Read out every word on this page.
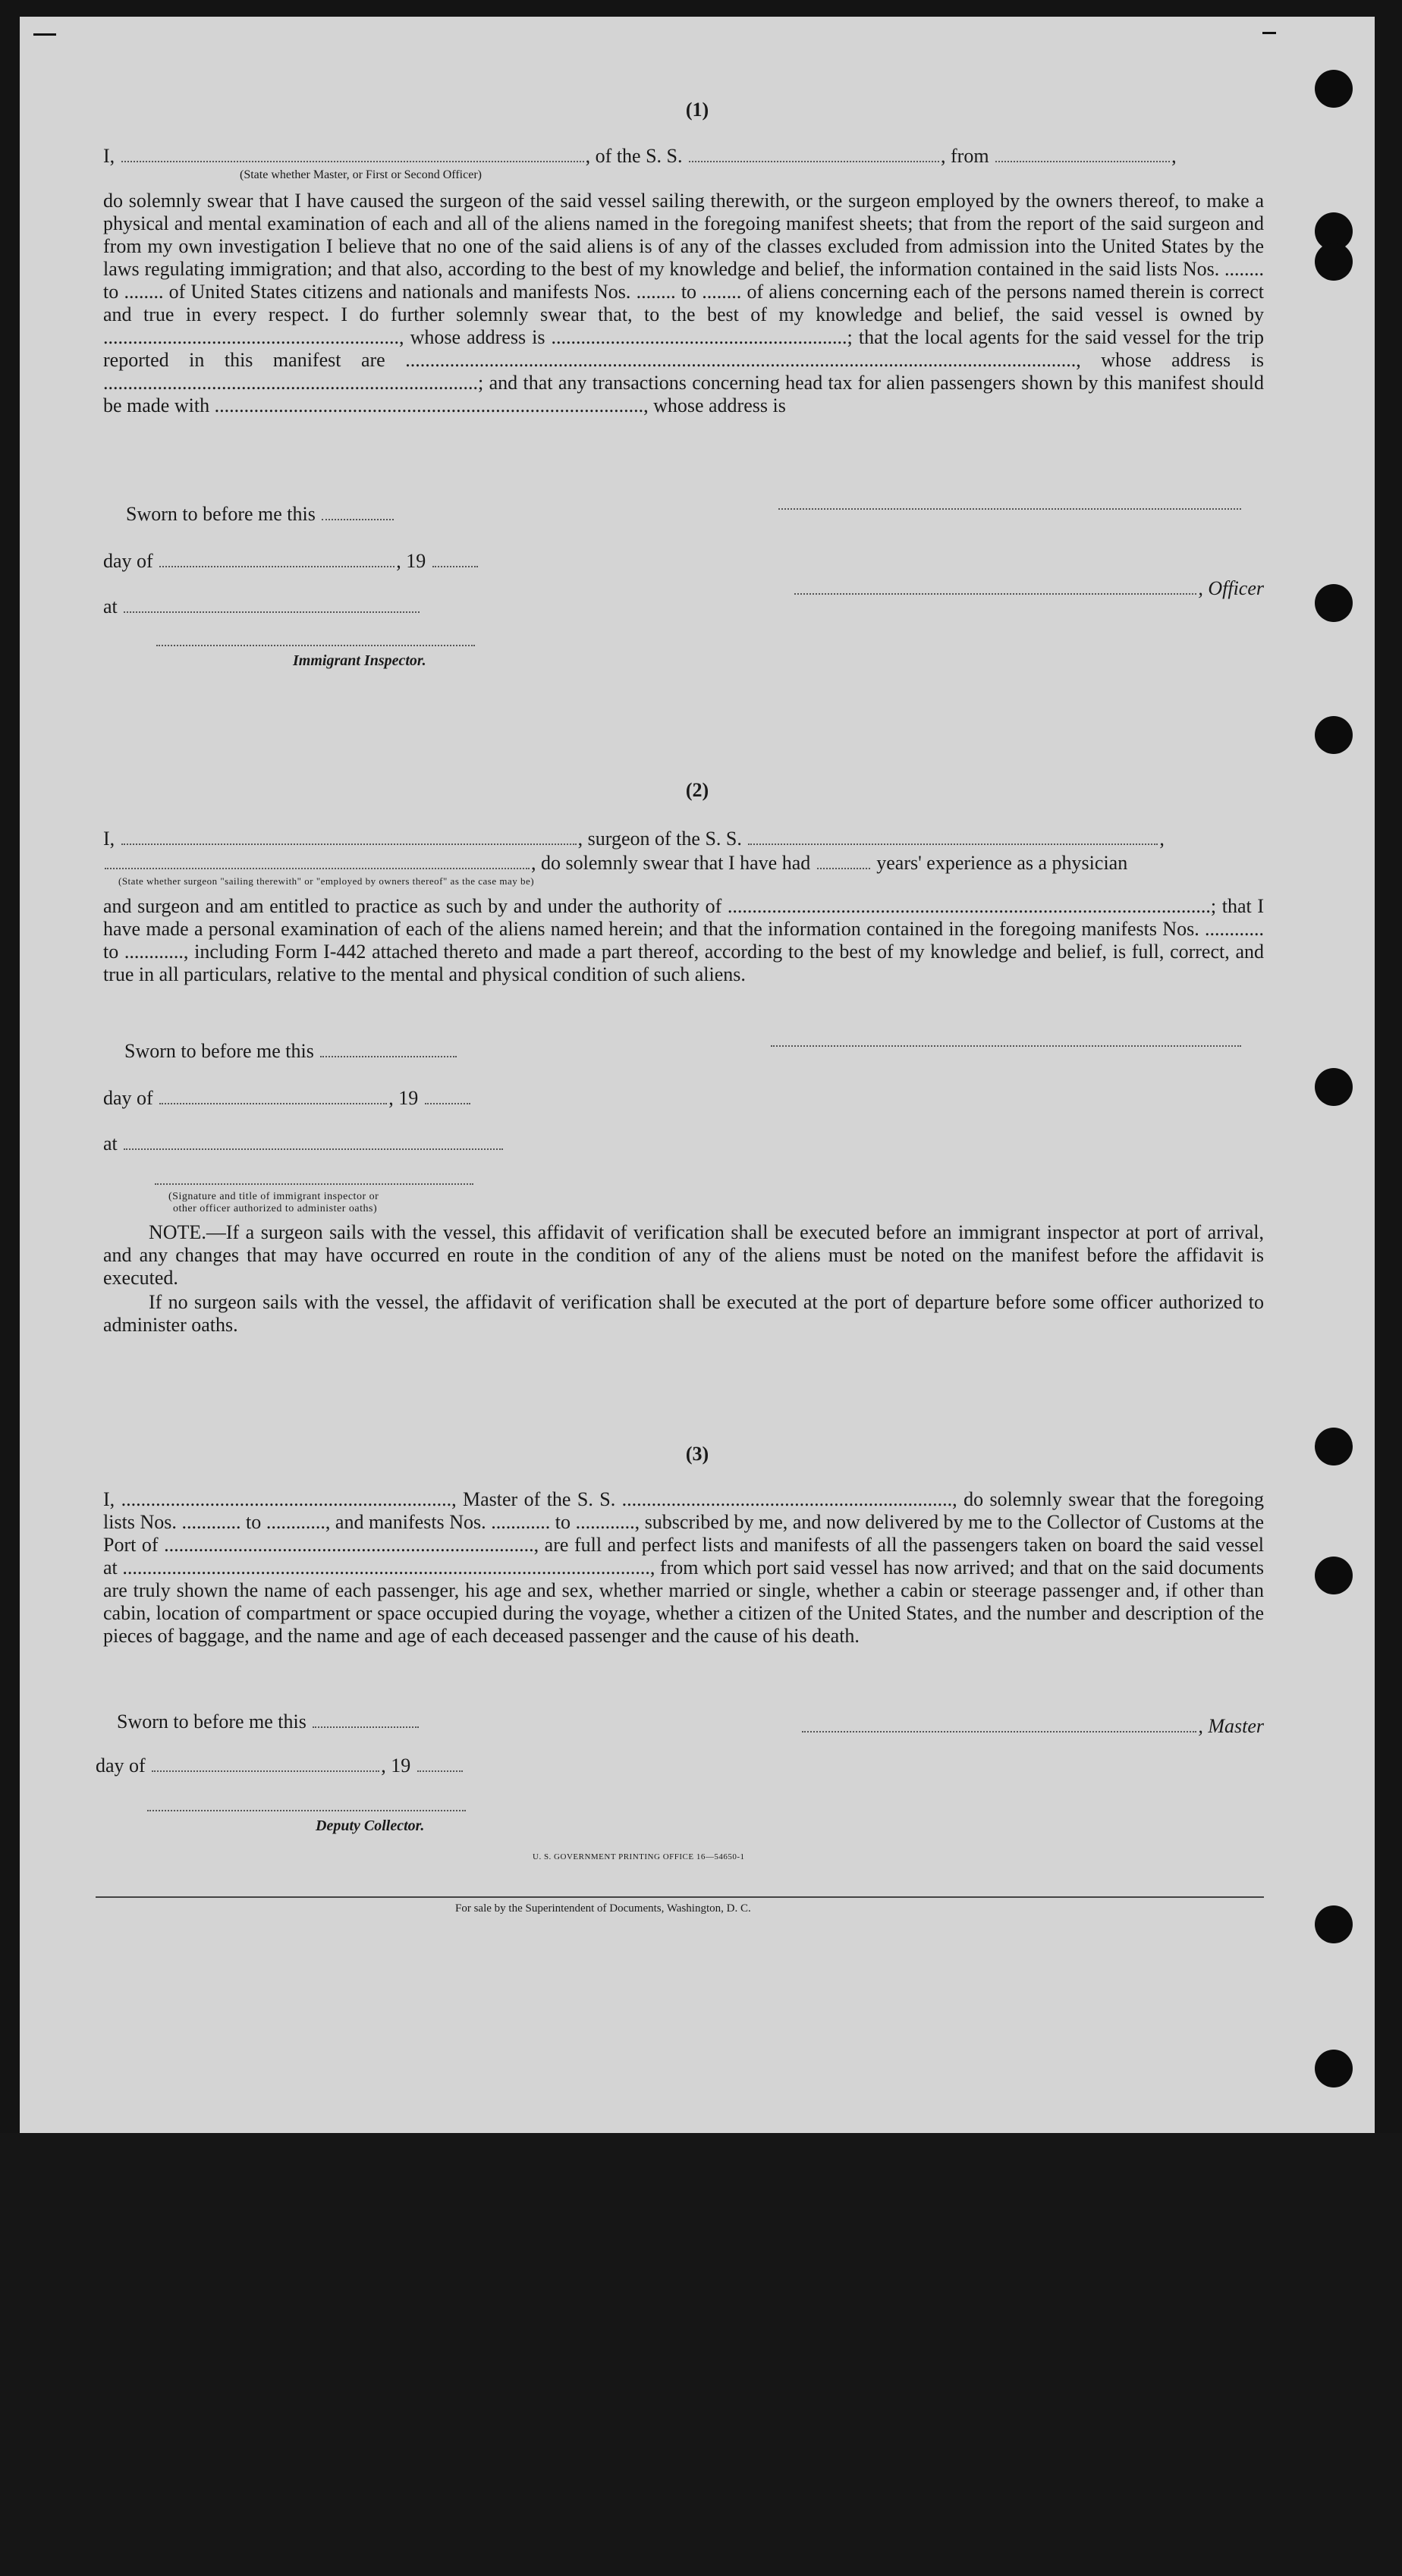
(1)
I,	, of the S. S.	, from	,
(State whether Master, or First or Second Officer)
do solemnly swear that I have caused the surgeon of the said vessel sailing therewith, or the surgeon employed by the owners thereof, to make a physical and mental examination of each and all of the aliens named in the foregoing manifest sheets; that from the report of the said surgeon and from my own investigation I believe that no one of the said aliens is of any of the classes excluded from admission into the United States by the laws regulating immigration; and that also, according to the best of my knowledge and belief, the information contained in the said lists Nos. ........ to ........ of United States citizens and nationals and manifests Nos. ........ to ........ of aliens concerning each of the persons named therein is correct and true in every respect. I do further solemnly swear that, to the best of my knowledge and belief, the said vessel is owned by ............................................................, whose address is ............................................................; that the local agents for the said vessel for the trip reported in this manifest are ........................................................................................................................................, whose address is ............................................................................; and that any transactions concerning head tax for alien passengers shown by this manifest should be made with ......................................................................................., whose address is
Sworn to before me this
day of	, 19
, Officer
at
Immigrant Inspector.
(2)
I,	, surgeon of the S. S.	,
, do solemnly swear that I have had	years' experience as a physician
(State whether surgeon "sailing therewith" or "employed by owners thereof" as the case may be)
and surgeon and am entitled to practice as such by and under the authority of ..................................................................................................; that I have made a personal examination of each of the aliens named herein; and that the information contained in the foregoing manifests Nos. ............ to ............, including Form I-442 attached thereto and made a part thereof, according to the best of my knowledge and belief, is full, correct, and true in all particulars, relative to the mental and physical condition of such aliens.
Sworn to before me this
day of	, 19
at
(Signature and title of immigrant inspector or
other officer authorized to administer oaths)
NOTE.—If a surgeon sails with the vessel, this affidavit of verification shall be executed before an immigrant inspector at port of arrival, and any changes that may have occurred en route in the condition of any of the aliens must be noted on the manifest before the affidavit is executed.
If no surgeon sails with the vessel, the affidavit of verification shall be executed at the port of departure before some officer authorized to administer oaths.
(3)
I, ..................................................................., Master of the S. S. ..................................................................., do solemnly swear that the foregoing lists Nos. ............ to ............, and manifests Nos. ............ to ............, subscribed by me, and now delivered by me to the Collector of Customs at the Port of ..........................................................................., are full and perfect lists and manifests of all the passengers taken on board the said vessel at ..........................................................................................................., from which port said vessel has now arrived; and that on the said documents are truly shown the name of each passenger, his age and sex, whether married or single, whether a cabin or steerage passenger and, if other than cabin, location of compartment or space occupied during the voyage, whether a citizen of the United States, and the number and description of the pieces of baggage, and the name and age of each deceased passenger and the cause of his death.
Sworn to before me this	, Master
day of	, 19
Deputy Collector.
U. S. GOVERNMENT PRINTING OFFICE 16—54650-1
For sale by the Superintendent of Documents, Washington, D. C.
